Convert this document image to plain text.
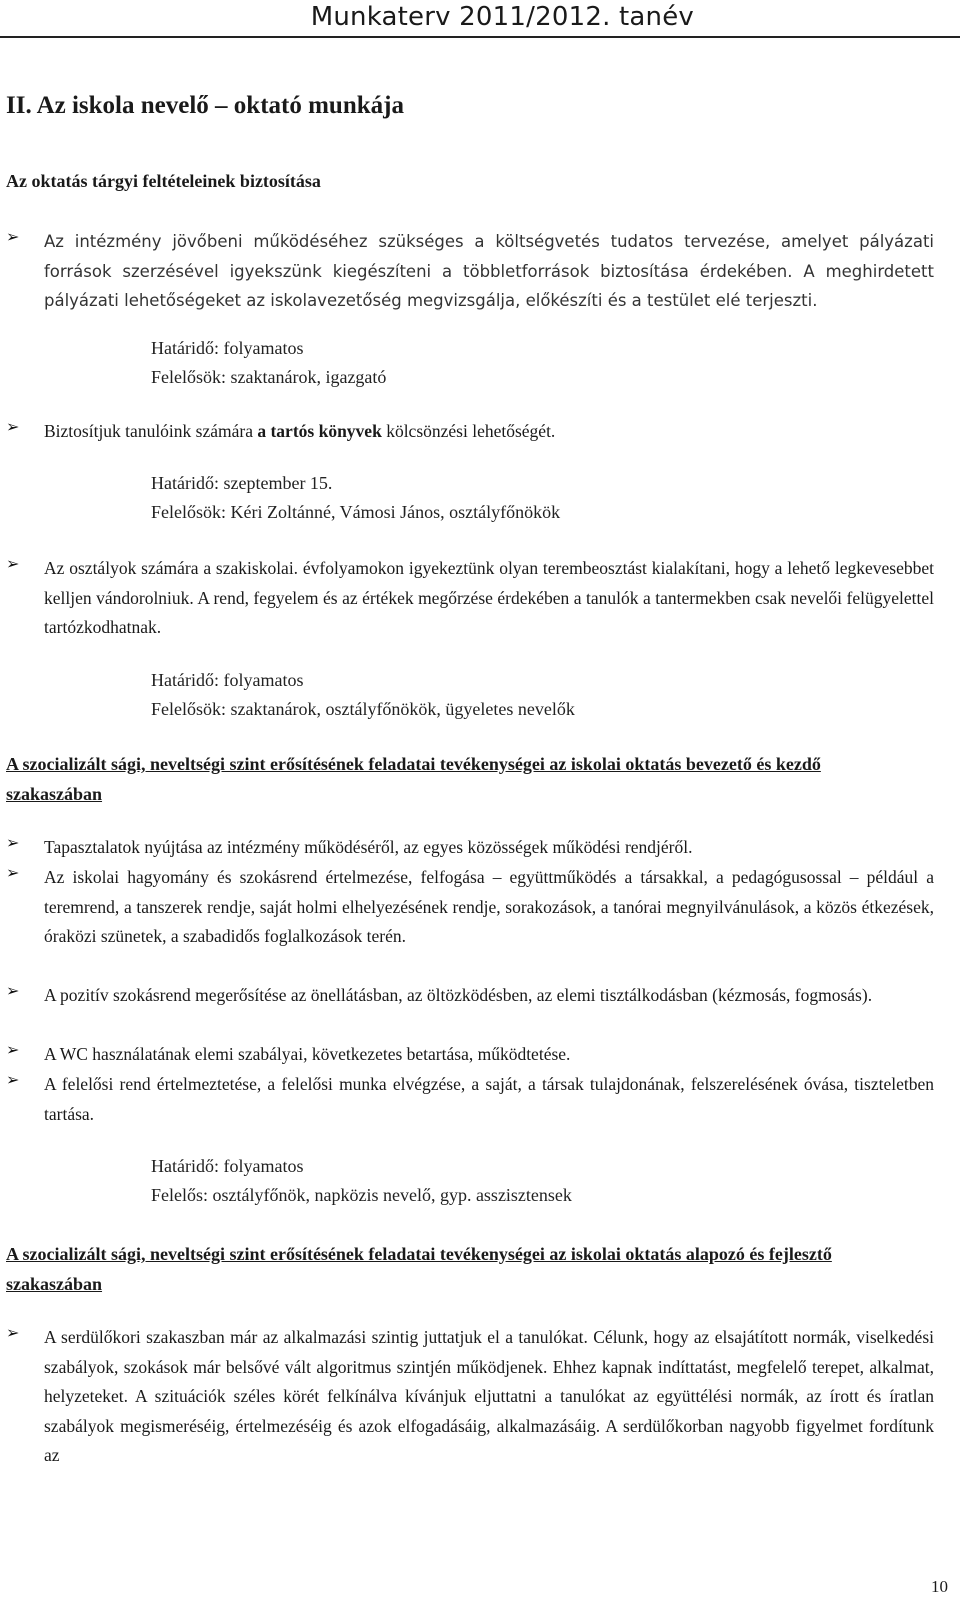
Munkaterv 2011/2012. tanév
II. Az iskola nevelő – oktató munkája
Az oktatás tárgyi feltételeinek biztosítása
➢ Az intézmény jövőbeni működéséhez szükséges a költségvetés tudatos tervezése, amelyet pályázati források szerzésével igyekszünk kiegészíteni a többletforrások biztosítása érdekében. A meghirdetett pályázati lehetőségeket az iskolavezetőség megvizsgálja, előkészíti és a testület elé terjeszti.
Határidő: folyamatos
Felelősök: szaktanárok, igazgató
➢ Biztosítjuk tanulóink számára a tartós könyvek kölcsönzési lehetőségét.
Határidő: szeptember 15.
Felelősök: Kéri Zoltánné, Vámosi János, osztályfőnökök
➢ Az osztályok számára a szakiskolai. évfolyamokon igyekeztünk olyan terembeosztást kialakítani, hogy a lehető legkevesebbet kelljen vándorolniuk. A rend, fegyelem és az értékek megőrzése érdekében a tanulók a tantermekben csak nevelői felügyelettel tartózkodhatnak.
Határidő: folyamatos
Felelősök: szaktanárok, osztályfőnökök, ügyeletes nevelők
A szocializált sági, neveltségi szint erősítésének feladatai tevékenységei az iskolai oktatás bevezető és kezdő szakaszában
➢ Tapasztalatok nyújtása az intézmény működéséről, az egyes közösségek működési rendjéről.
➢ Az iskolai hagyomány és szokásrend értelmezése, felfogása – együttműködés a társakkal, a pedagógusossal – például a teremrend, a tanszerek rendje, saját holmi elhelyezésének rendje, sorakozások, a tanórai megnyilvánulások, a közös étkezések, óraközi szünetek, a szabadidős foglalkozások terén.
➢ A pozitív szokásrend megerősítése az önellátásban, az öltözködésben, az elemi tisztálkodásban (kézmosás, fogmosás).
➢ A WC használatának elemi szabályai, következetes betartása, működtetése.
➢ A felelősi rend értelmeztetése, a felelősi munka elvégzése, a saját, a társak tulajdonának, felszerelésének óvása, tiszteletben tartása.
Határidő: folyamatos
Felelős: osztályfőnök, napközis nevelő, gyp. asszisztensek
A szocializált sági, neveltségi szint erősítésének feladatai tevékenységei az iskolai oktatás alapozó és fejlesztő szakaszában
➢ A serdülőkori szakaszban már az alkalmazási szintig juttatjuk el a tanulókat. Célunk, hogy az elsajátított normák, viselkedési szabályok, szokások már belsővé vált algoritmus szintjén működjenek. Ehhez kapnak indíttatást, megfelelő terepet, alkalmat, helyzeteket. A szituációk széles körét felkínálva kívánjuk eljuttatni a tanulókat az együttélési normák, az írott és íratlan szabályok megismeréséig, értelmezéséig és azok elfogadásáig, alkalmazásáig. A serdülőkorban nagyobb figyelmet fordítunk az
10
